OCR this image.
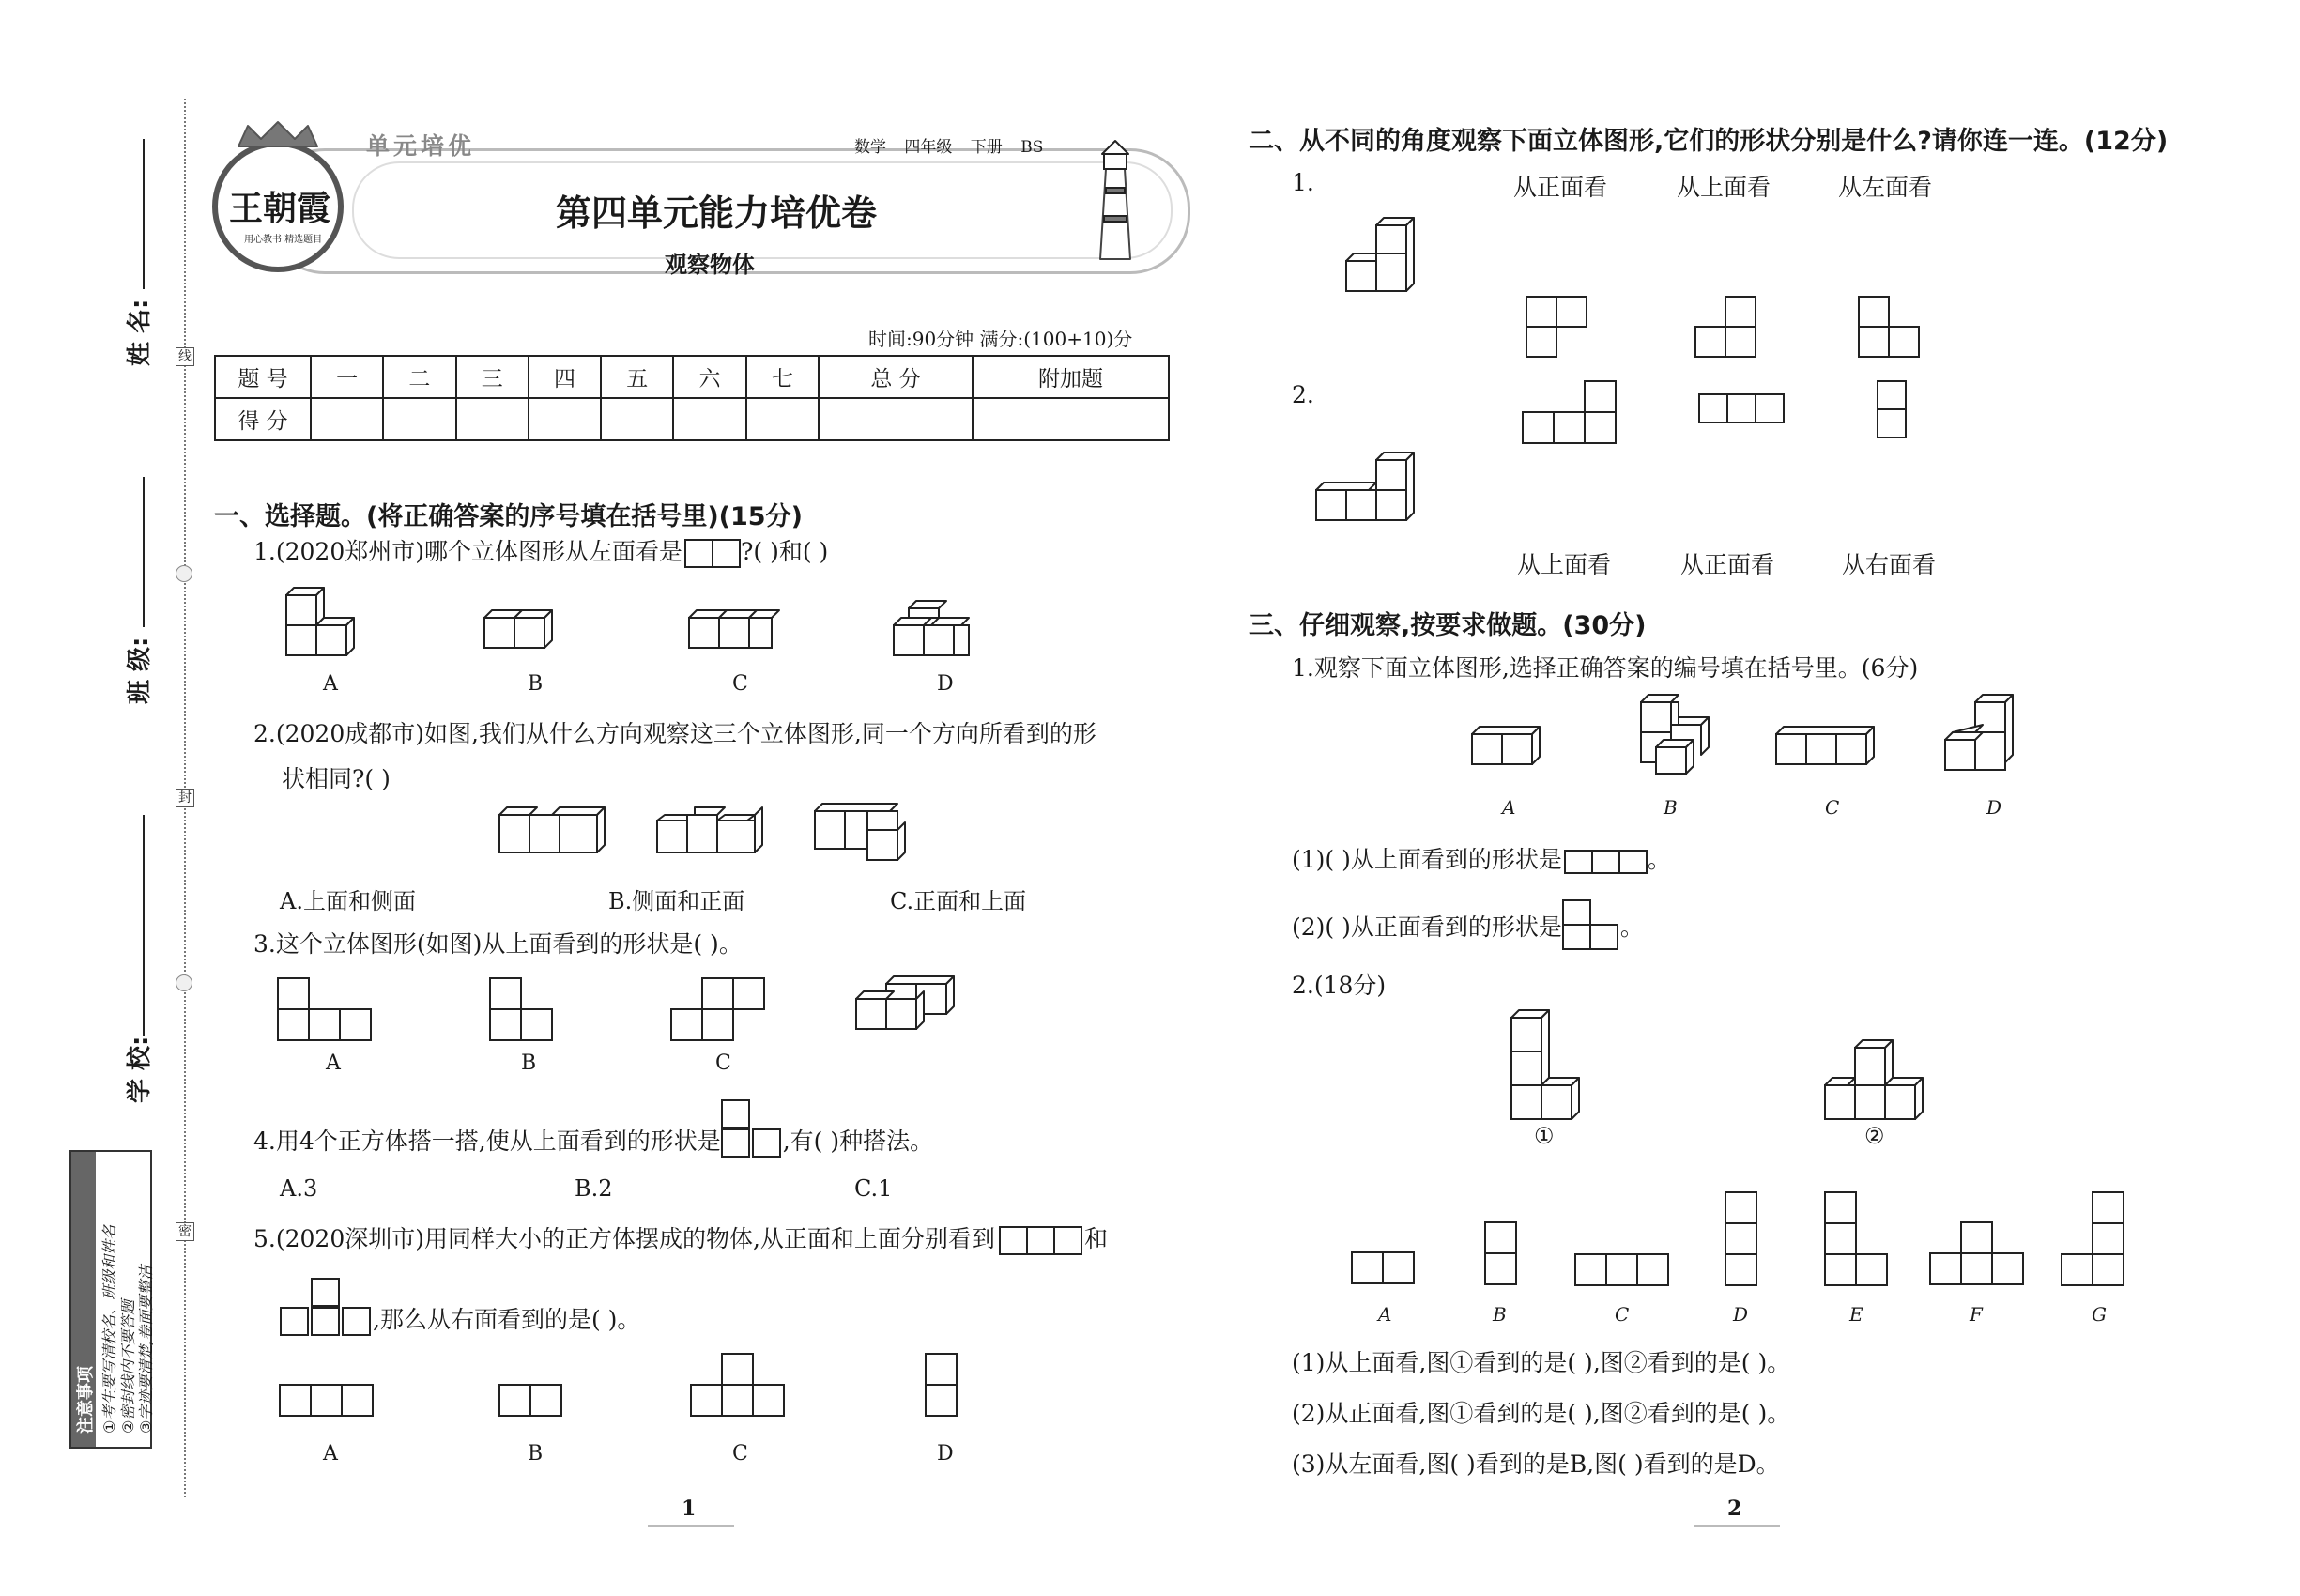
线
封
密
姓 名:
班 级:
学 校:
注意事项 ①考生要写清校名、班级和姓名 ②密封线内不要答题 ③字迹要清楚,卷面要整洁
王朝霞
用心教书 精选题目
单元培优	数学 四年级 下册 BS
第四单元能力培优卷
观察物体
时间:90分钟 满分:(100+10)分
题 号	一	二	三	四	五	六	七	总 分	附加题
得 分									
一、选择题。(将正确答案的序号填在括号里)(15分)
1.(2020郑州市)哪个立体图形从左面看是 ?( )和( )
A	B	C	D
2.(2020成都市)如图,我们从什么方向观察这三个立体图形,同一个方向所看到的形
状相同?( )
A.上面和侧面	B.侧面和正面	C.正面和上面
3.这个立体图形(如图)从上面看到的形状是( )。
A	B	C
4.用4个正方体搭一搭,使从上面看到的形状是	,有( )种搭法。
A.3	B.2	C.1
5.(2020深圳市)用同样大小的正方体摆成的物体,从正面和上面分别看到	和
,那么从右面看到的是( )。
A	B	C	D
1
二、从不同的角度观察下面立体图形,它们的形状分别是什么?请你连一连。(12分)
1.	从正面看	从上面看	从左面看
2.
从上面看	从正面看	从右面看
三、仔细观察,按要求做题。(30分)
1.观察下面立体图形,选择正确答案的编号填在括号里。(6分)
A	B	C	D
(1)( )从上面看到的形状是	。
(2)( )从正面看到的形状是 。
2.(18分)
①	②
A	B	C	D	E	F	G
(1)从上面看,图①看到的是( ),图②看到的是( )。
(2)从正面看,图①看到的是( ),图②看到的是( )。
(3)从左面看,图( )看到的是B,图( )看到的是D。
2
